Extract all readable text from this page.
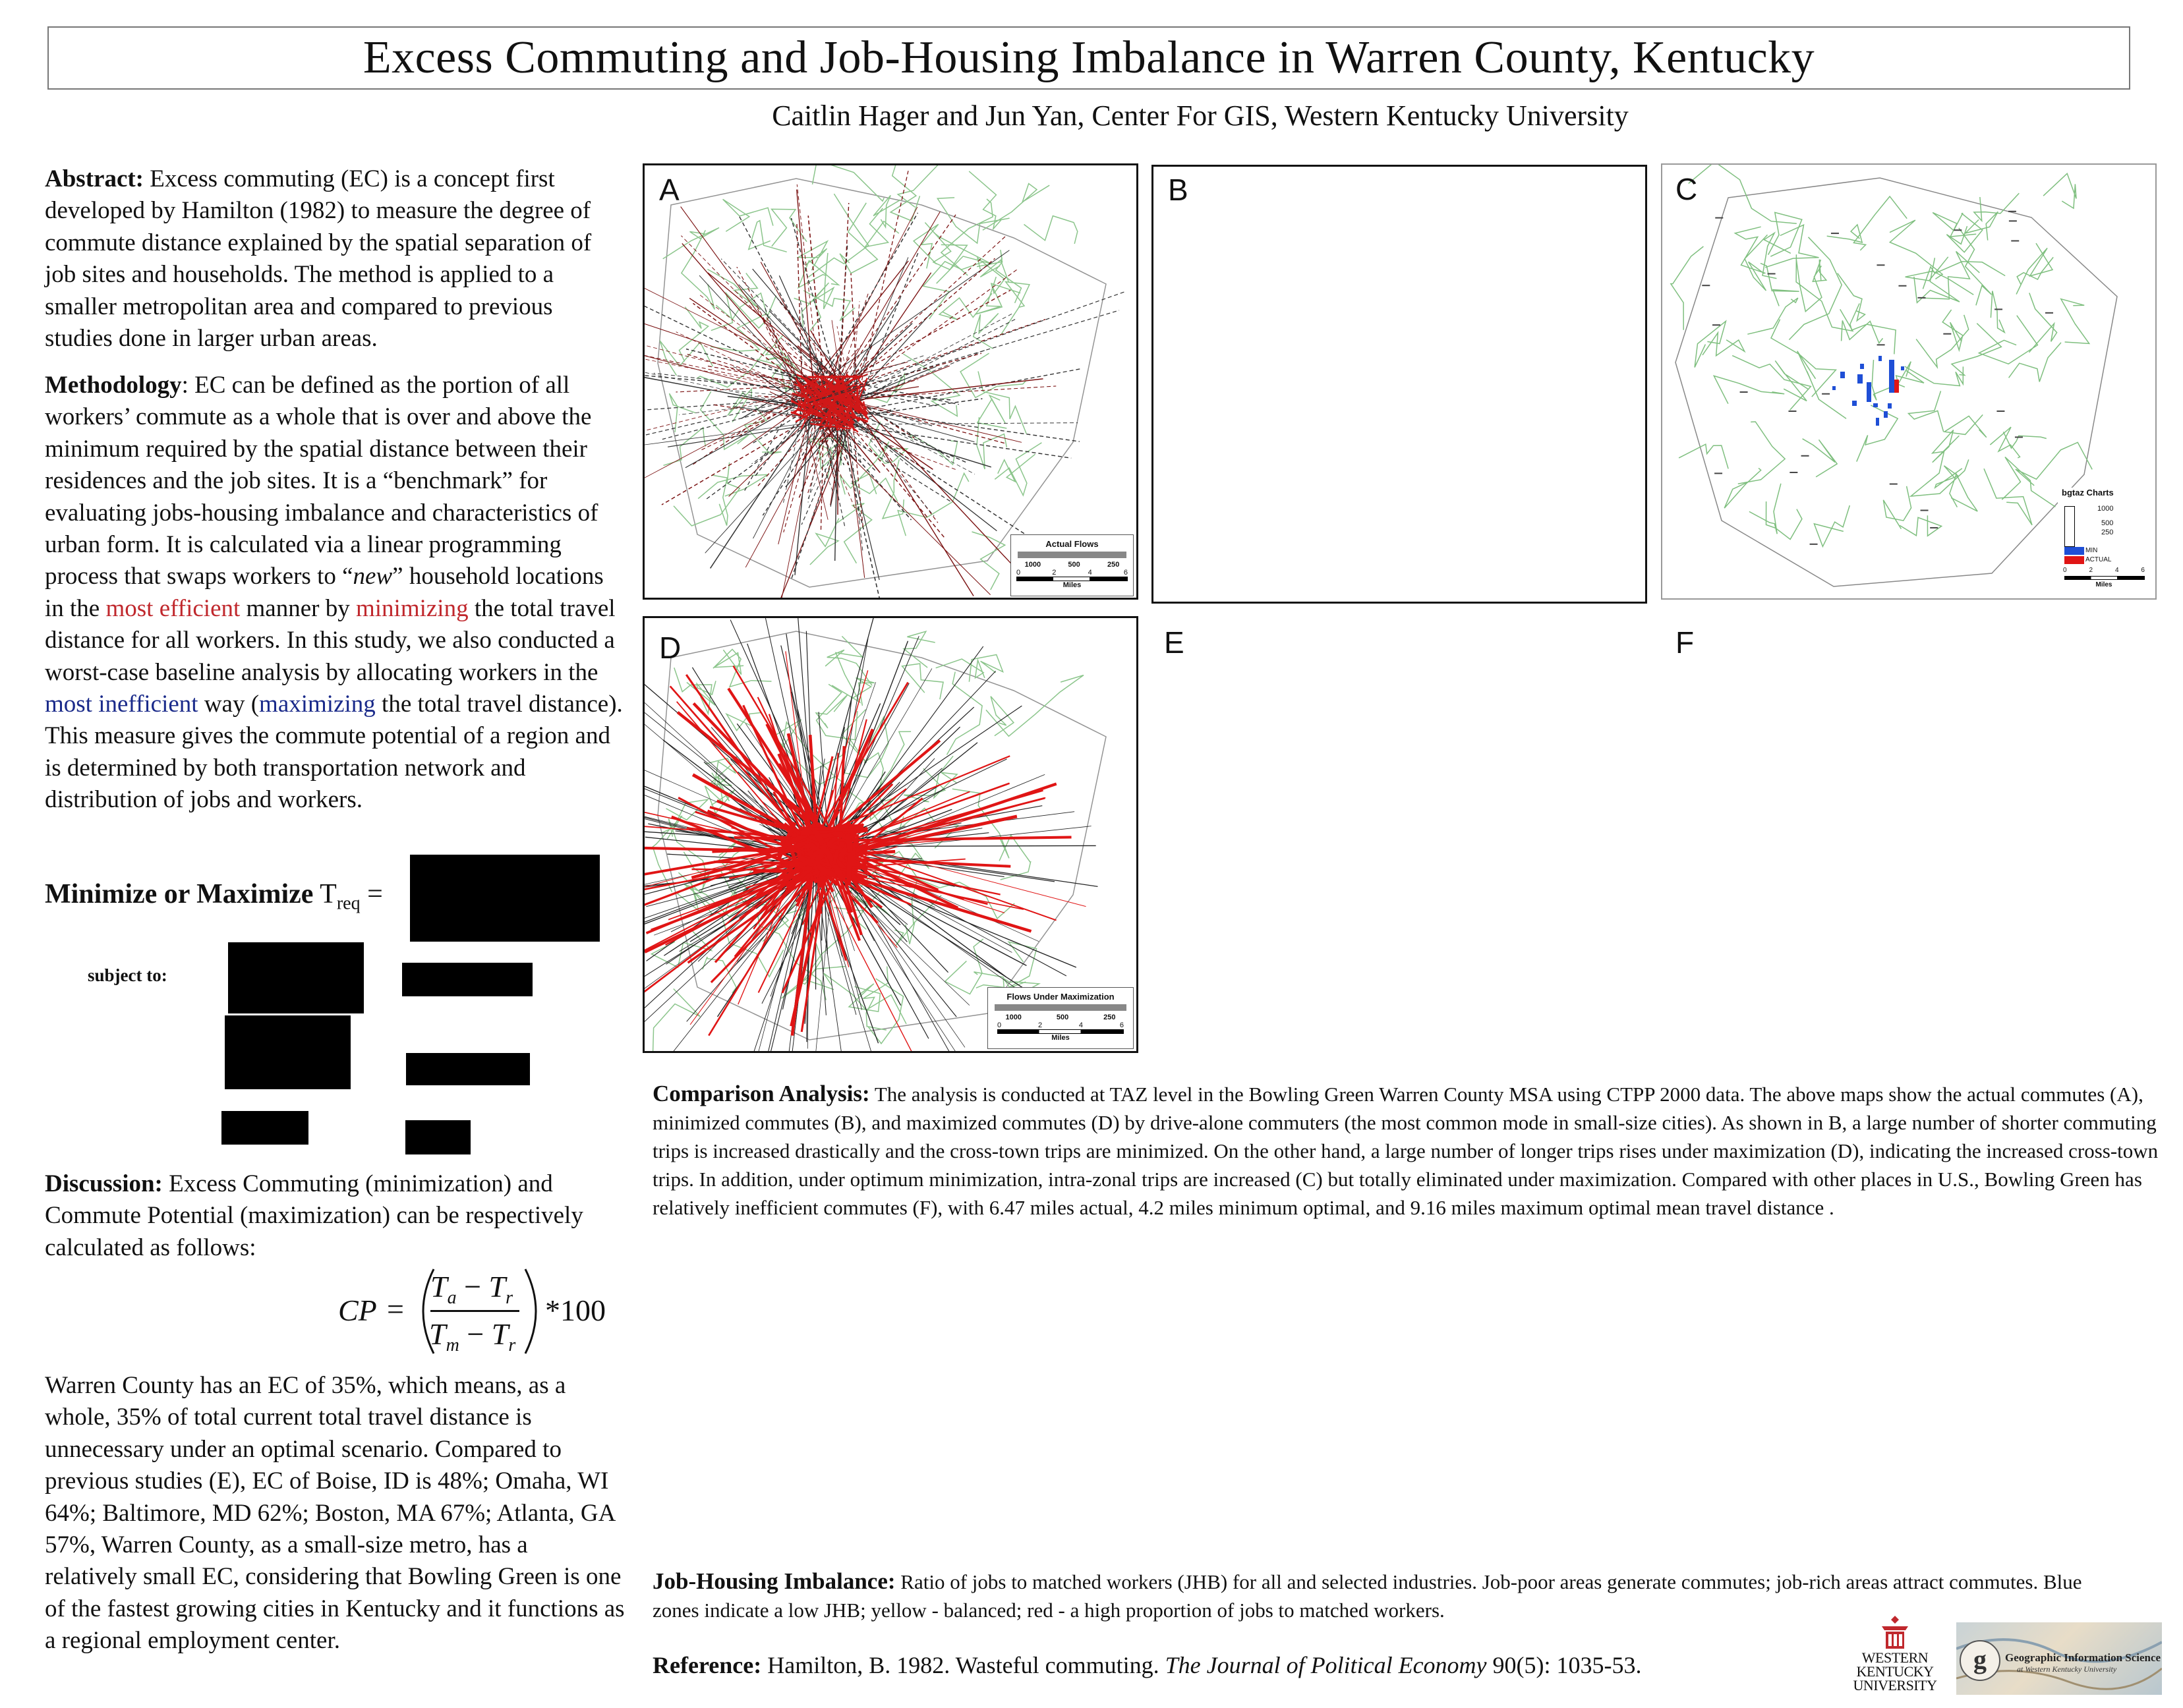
Excess Commuting and Job-Housing Imbalance in Warren County, Kentucky
Caitlin Hager and Jun Yan, Center For GIS, Western Kentucky University

Abstract: Excess commuting (EC) is a concept first developed by Hamilton (1982) to measure the degree of commute distance explained by the spatial separation of job sites and households. The method is applied to a smaller metropolitan area and compared to previous studies done in larger urban areas.

Methodology: EC can be defined as the portion of all workers’ commute as a whole that is over and above the minimum required by the spatial distance between their residences and the job sites. It is a “benchmark” for evaluating jobs-housing imbalance and characteristics of urban form. It is calculated via a linear programming process that swaps workers to “new” household locations in the most efficient manner by minimizing the total travel distance for all workers. In this study, we also conducted a worst-case baseline analysis by allocating workers in the most inefficient way (maximizing the total travel distance). This measure gives the commute potential of a region and is determined by both transportation network and distribution of jobs and workers.

Minimize or Maximize $T_{req}$ =
subject to:

Discussion: Excess Commuting (minimization) and Commute Potential (maximization) can be respectively calculated as follows:

CP =
$T_a - T_r$
$T_m - T_r$
*100

Warren County has an EC of 35%, which means, as a whole, 35% of total current total travel distance is unnecessary under an optimal scenario. Compared to previous studies (E), EC of Boise, ID is 48%; Omaha, WI 64%; Baltimore, MD 62%; Boston, MA 67%; Atlanta, GA 57%, Warren County, as a small-size metro, has a relatively small EC, considering that Bowling Green is one of the fastest growing cities in Kentucky and it functions as a regional employment center.

A
Actual Flows
1000	500	250
0	2	4	6
Miles
B	C
bgtaz Charts
1000
500
250
MIN
ACTUAL
0	2	4	6
Miles
D
Flows Under Maximization
1000	500	250
0	2	4	6
Miles
E	F
Comparison Analysis: The analysis is conducted at TAZ level in the Bowling Green Warren County MSA using CTPP 2000 data. The above maps show the actual commutes (A), minimized commutes (B), and maximized commutes (D) by drive-alone commuters (the most common mode in small-size cities). As shown in B, a large number of shorter commuting trips is increased drastically and the cross-town trips are minimized. On the other hand, a large number of longer trips rises under maximization (D), indicating the increased cross-town trips. In addition, under optimum minimization, intra-zonal trips are increased (C) but totally eliminated under maximization. Compared with other places in U.S., Bowling Green has relatively inefficient commutes (F), with 6.47 miles actual, 4.2 miles minimum optimal, and 9.16 miles maximum optimal mean travel distance .
Job-Housing Imbalance: Ratio of jobs to matched workers (JHB) for all and selected industries. Job-poor areas generate commutes; job-rich areas attract commutes. Blue zones indicate a low JHB; yellow - balanced; red - a high proportion of jobs to matched workers.
Reference: Hamilton, B. 1982. Wasteful commuting. The Journal of Political Economy 90(5): 1035-53.	WESTERN
KENTUCKY
UNIVERSITY
g Geographic Information Science
at Western Kentucky University
